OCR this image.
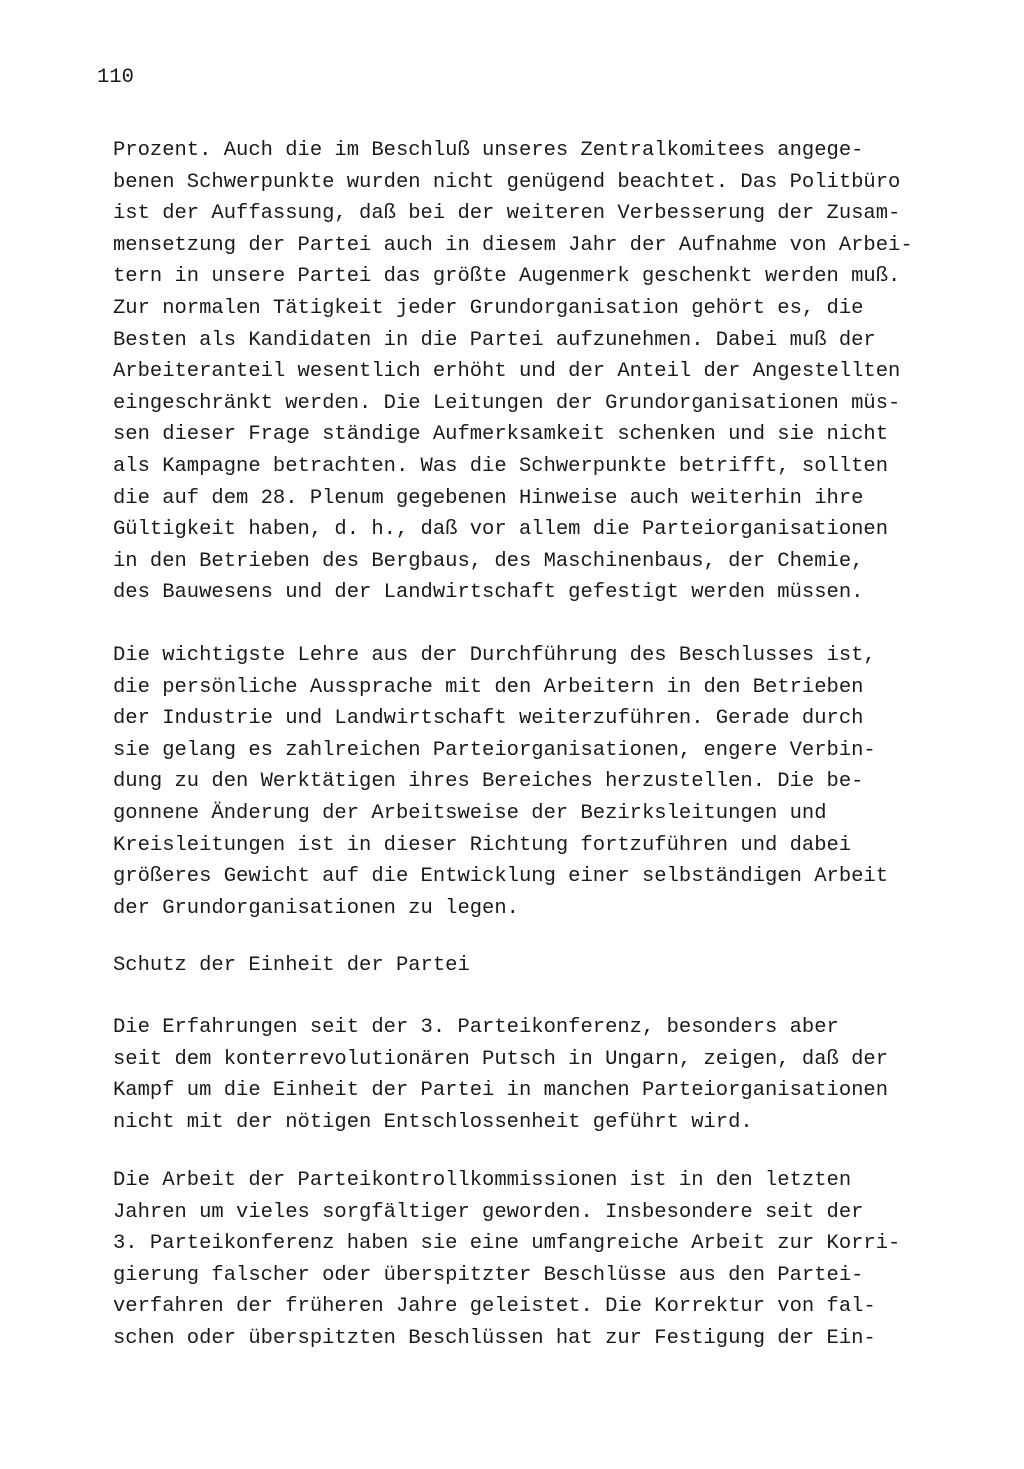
110
Prozent. Auch die im Beschluß unseres Zentralkomitees angege-
benen Schwerpunkte wurden nicht genügend beachtet. Das Politbüro
ist der Auffassung, daß bei der weiteren Verbesserung der Zusam-
mensetzung der Partei auch in diesem Jahr der Aufnahme von Arbei-
tern in unsere Partei das größte Augenmerk geschenkt werden muß.
Zur normalen Tätigkeit jeder Grundorganisation gehört es, die
Besten als Kandidaten in die Partei aufzunehmen. Dabei muß der
Arbeiteranteil wesentlich erhöht und der Anteil der Angestellten
eingeschränkt werden. Die Leitungen der Grundorganisationen müs-
sen dieser Frage ständige Aufmerksamkeit schenken und sie nicht
als Kampagne betrachten. Was die Schwerpunkte betrifft, sollten
die auf dem 28. Plenum gegebenen Hinweise auch weiterhin ihre
Gültigkeit haben, d. h., daß vor allem die Parteiorganisationen
in den Betrieben des Bergbaus, des Maschinenbaus, der Chemie,
des Bauwesens und der Landwirtschaft gefestigt werden müssen.
Die wichtigste Lehre aus der Durchführung des Beschlusses ist,
die persönliche Aussprache mit den Arbeitern in den Betrieben
der Industrie und Landwirtschaft weiterzuführen. Gerade durch
sie gelang es zahlreichen Parteiorganisationen, engere Verbin-
dung zu den Werktätigen ihres Bereiches herzustellen. Die be-
gonnene Änderung der Arbeitsweise der Bezirksleitungen und
Kreisleitungen ist in dieser Richtung fortzuführen und dabei
größeres Gewicht auf die Entwicklung einer selbständigen Arbeit
der Grundorganisationen zu legen.
Schutz der Einheit der Partei
Die Erfahrungen seit der 3. Parteikonferenz, besonders aber
seit dem konterrevolutionären Putsch in Ungarn, zeigen, daß der
Kampf um die Einheit der Partei in manchen Parteiorganisationen
nicht mit der nötigen Entschlossenheit geführt wird.
Die Arbeit der Parteikontrollkommissionen ist in den letzten
Jahren um vieles sorgfältiger geworden. Insbesondere seit der
3. Parteikonferenz haben sie eine umfangreiche Arbeit zur Korri-
gierung falscher oder überspitzter Beschlüsse aus den Partei-
verfahren der früheren Jahre geleistet. Die Korrektur von fal-
schen oder überspitzten Beschlüssen hat zur Festigung der Ein-
